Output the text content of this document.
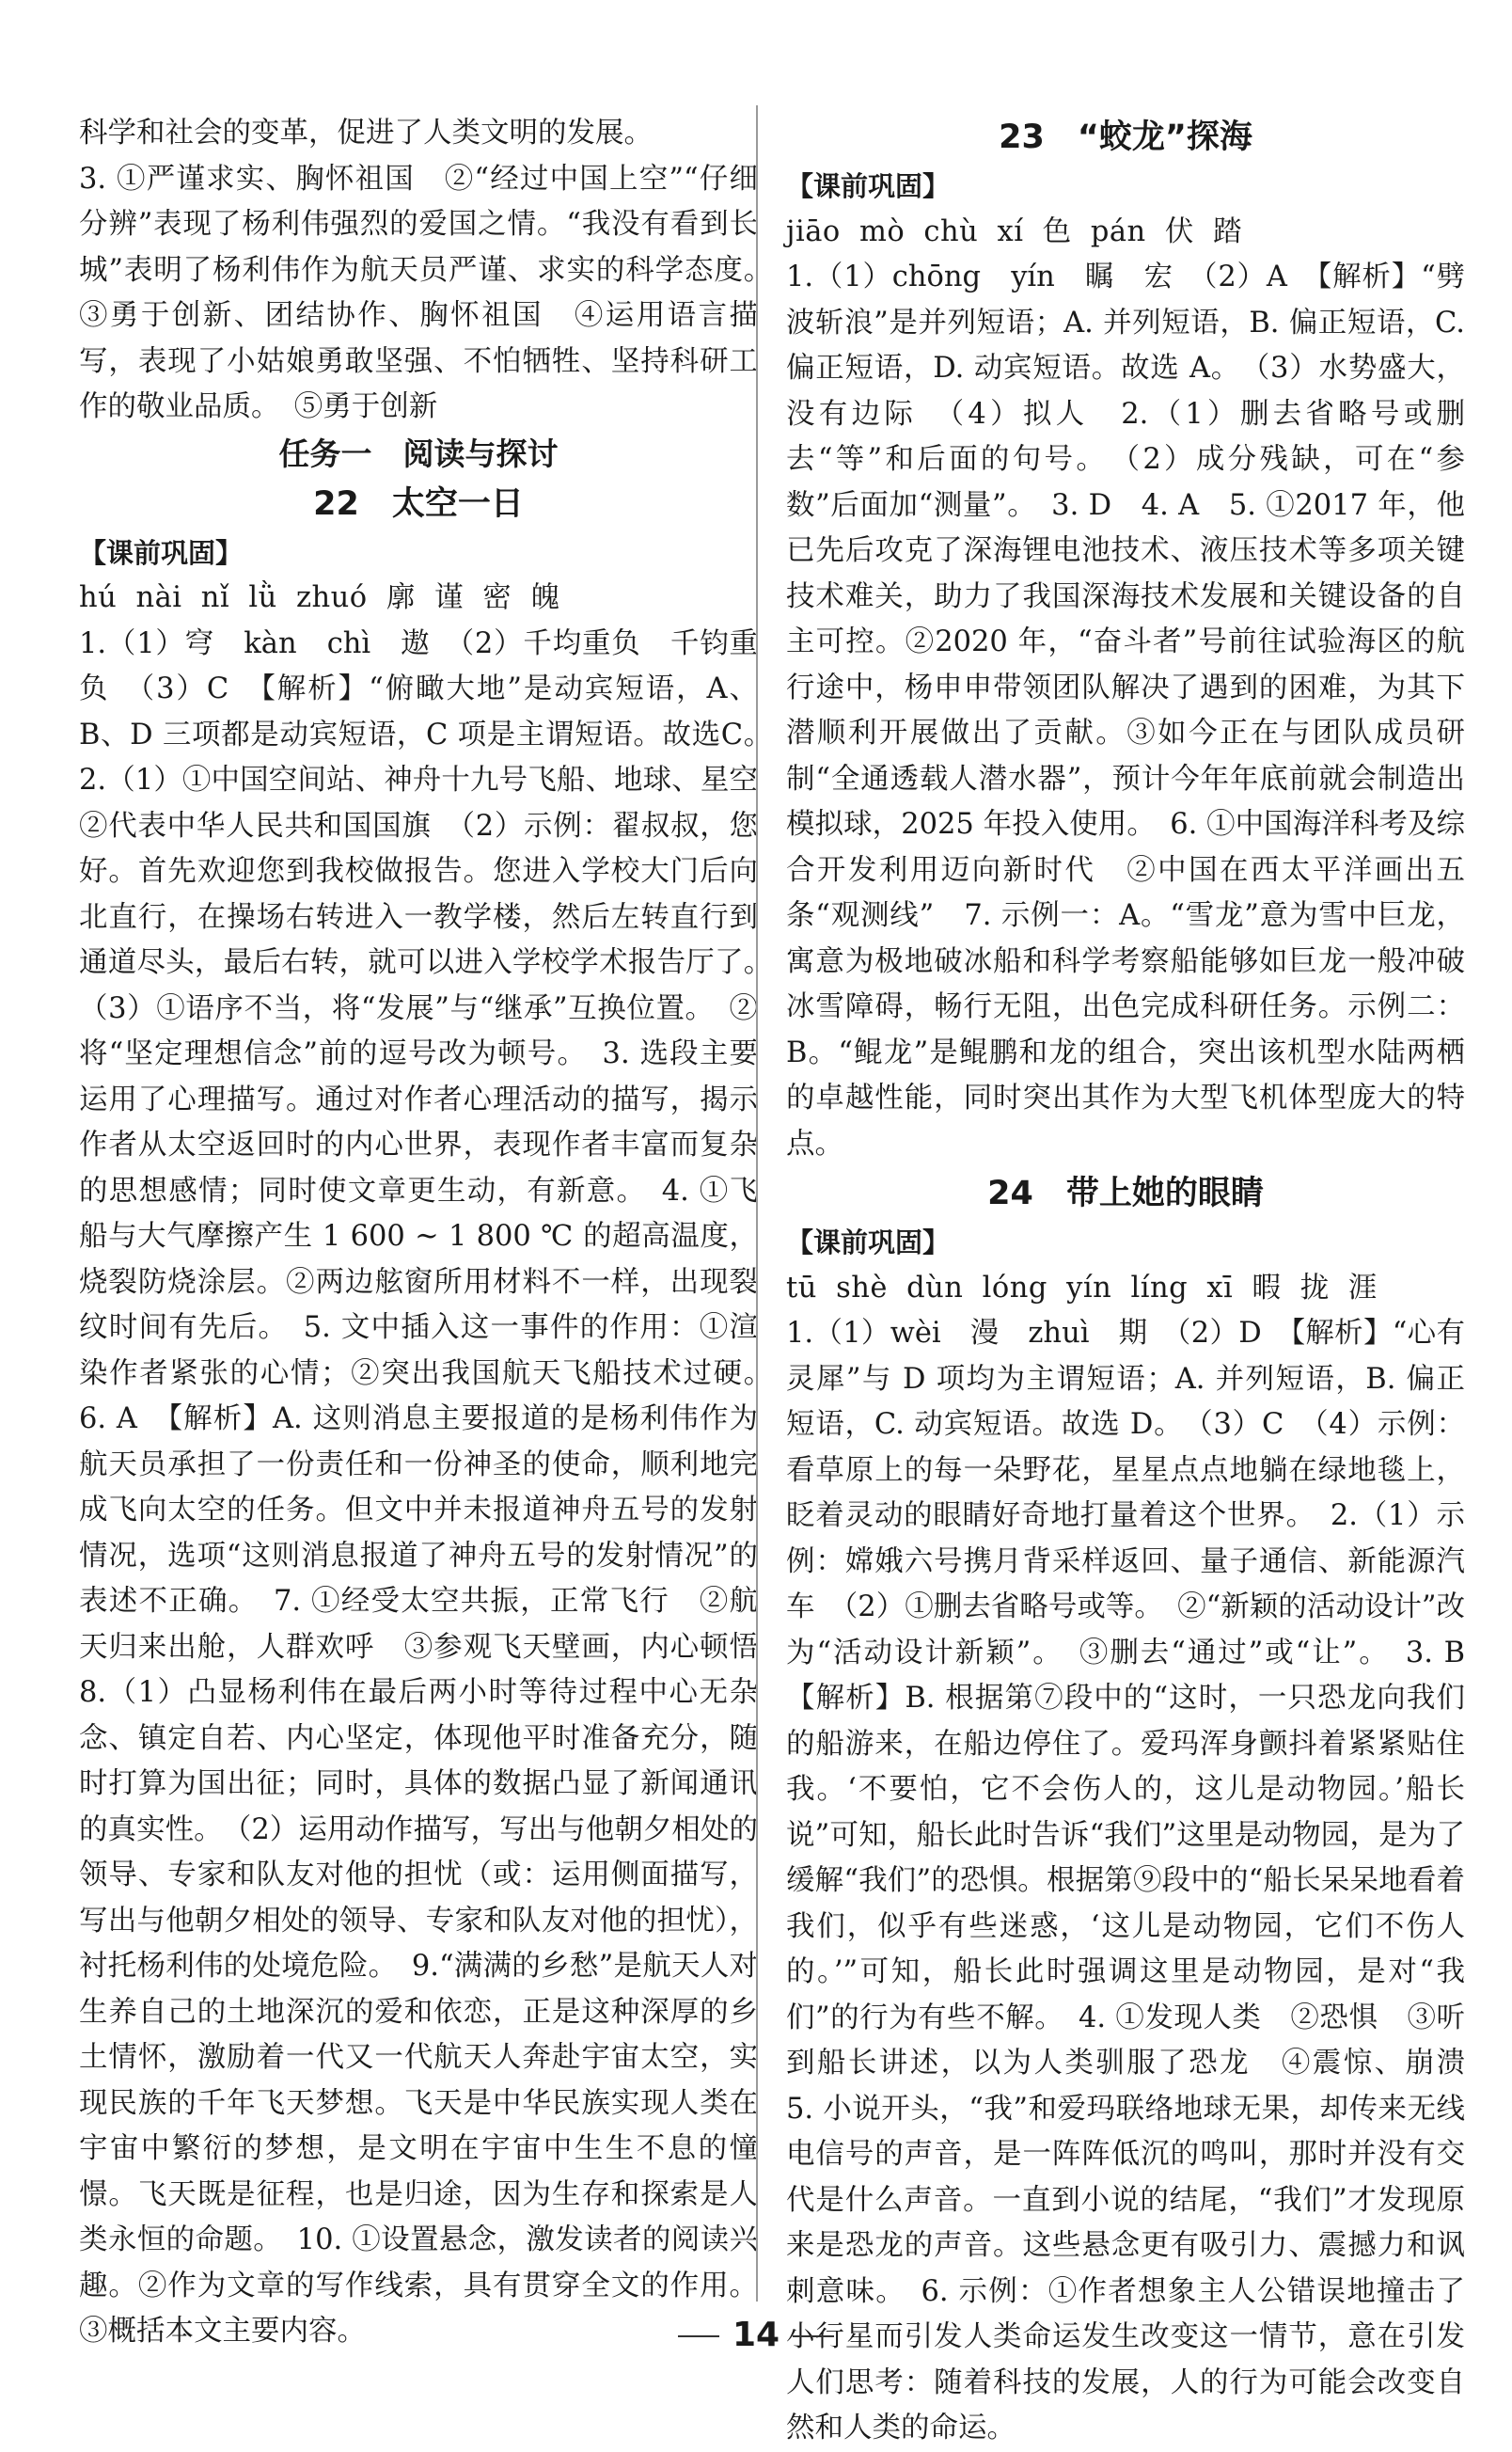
科学和社会的变革，促进了人类文明的发展。

3. ①严谨求实、胸怀祖国　②“经过中国上空”“仔细分辨”表现了杨利伟强烈的爱国之情。“我没有看到长城”表明了杨利伟作为航天员严谨、求实的科学态度。　③勇于创新、团结协作、胸怀祖国　④运用语言描写，表现了小姑娘勇敢坚强、不怕牺牲、坚持科研工作的敬业品质。　⑤勇于创新

任务一　阅读与探讨
22　太空一日
【课前巩固】
hú nài nǐ lǜ zhuó 廓 谨 密 魄

1.（1）穹　kàn　chì　遨　（2）千均重负　千钧重负　（3）C　【解析】“俯瞰大地”是动宾短语，A、B、D 三项都是动宾短语，C 项是主谓短语。故选C。　2.（1）①中国空间站、神舟十九号飞船、地球、星空　②代表中华人民共和国国旗　（2）示例：翟叔叔，您好。首先欢迎您到我校做报告。您进入学校大门后向北直行，在操场右转进入一教学楼，然后左转直行到通道尽头，最后右转，就可以进入学校学术报告厅了。　（3）①语序不当，将“发展”与“继承”互换位置。　②将“坚定理想信念”前的逗号改为顿号。　3. 选段主要运用了心理描写。通过对作者心理活动的描写，揭示作者从太空返回时的内心世界，表现作者丰富而复杂的思想感情；同时使文章更生动，有新意。　4. ①飞船与大气摩擦产生 1 600 ~ 1 800 ℃ 的超高温度，烧裂防烧涂层。②两边舷窗所用材料不一样，出现裂纹时间有先后。　5. 文中插入这一事件的作用：①渲染作者紧张的心情；②突出我国航天飞船技术过硬。　6. A　【解析】A. 这则消息主要报道的是杨利伟作为航天员承担了一份责任和一份神圣的使命，顺利地完成飞向太空的任务。但文中并未报道神舟五号的发射情况，选项“这则消息报道了神舟五号的发射情况”的表述不正确。　7. ①经受太空共振，正常飞行　②航天归来出舱，人群欢呼　③参观飞天壁画，内心顿悟　8.（1）凸显杨利伟在最后两小时等待过程中心无杂念、镇定自若、内心坚定，体现他平时准备充分，随时打算为国出征；同时，具体的数据凸显了新闻通讯的真实性。　（2）运用动作描写，写出与他朝夕相处的领导、专家和队友对他的担忧（或：运用侧面描写，写出与他朝夕相处的领导、专家和队友对他的担忧），衬托杨利伟的处境危险。　9.“满满的乡愁”是航天人对生养自己的土地深沉的爱和依恋，正是这种深厚的乡土情怀，激励着一代又一代航天人奔赴宇宙太空，实现民族的千年飞天梦想。飞天是中华民族实现人类在宇宙中繁衍的梦想，是文明在宇宙中生生不息的憧憬。飞天既是征程，也是归途，因为生存和探索是人类永恒的命题。　10. ①设置悬念，激发读者的阅读兴趣。②作为文章的写作线索，具有贯穿全文的作用。③概括本文主要内容。

23　“蛟龙”探海
【课前巩固】
jiāo mò chù xí 色 pán 伏 踏

1.（1）chōng　yín　瞩　宏　（2）A　【解析】“劈波斩浪”是并列短语；A. 并列短语，B. 偏正短语，C. 偏正短语，D. 动宾短语。故选 A。　（3）水势盛大，没有边际　（4）拟人　2.（1）删去省略号或删去“等”和后面的句号。　（2）成分残缺，可在“参数”后面加“测量”。　3. D　4. A　5. ①2017 年，他已先后攻克了深海锂电池技术、液压技术等多项关键技术难关，助力了我国深海技术发展和关键设备的自主可控。②2020 年，“奋斗者”号前往试验海区的航行途中，杨申申带领团队解决了遇到的困难，为其下潜顺利开展做出了贡献。③如今正在与团队成员研制“全通透载人潜水器”，预计今年年底前就会制造出模拟球，2025 年投入使用。　6. ①中国海洋科考及综合开发利用迈向新时代　②中国在西太平洋画出五条“观测线”　7. 示例一：A。“雪龙”意为雪中巨龙，寓意为极地破冰船和科学考察船能够如巨龙一般冲破冰雪障碍，畅行无阻，出色完成科研任务。示例二：B。“鲲龙”是鲲鹏和龙的组合，突出该机型水陆两栖的卓越性能，同时突出其作为大型飞机体型庞大的特点。

24　带上她的眼睛
【课前巩固】
tū shè dùn lóng yín líng xī 暇 拢 涯

1.（1）wèi　漫　zhuì　期　（2）D　【解析】“心有灵犀”与 D 项均为主谓短语；A. 并列短语，B. 偏正短语，C. 动宾短语。故选 D。　（3）C　（4）示例：看草原上的每一朵野花，星星点点地躺在绿地毯上，眨着灵动的眼睛好奇地打量着这个世界。　2.（1）示例：嫦娥六号携月背采样返回、量子通信、新能源汽车　（2）①删去省略号或等。　②“新颖的活动设计”改为“活动设计新颖”。　③删去“通过”或“让”。　3. B　【解析】B. 根据第⑦段中的“这时，一只恐龙向我们的船游来，在船边停住了。爱玛浑身颤抖着紧紧贴住我。‘不要怕，它不会伤人的，这儿是动物园。’船长说”可知，船长此时告诉“我们”这里是动物园，是为了缓解“我们”的恐惧。根据第⑨段中的“船长呆呆地看着我们，似乎有些迷惑，‘这儿是动物园，它们不伤人的。’”可知，船长此时强调这里是动物园，是对“我们”的行为有些不解。　4. ①发现人类　②恐惧　③听到船长讲述，以为人类驯服了恐龙　④震惊、崩溃　5. 小说开头，“我”和爱玛联络地球无果，却传来无线电信号的声音，是一阵阵低沉的鸣叫，那时并没有交代是什么声音。一直到小说的结尾，“我们”才发现原来是恐龙的声音。这些悬念更有吸引力、震撼力和讽刺意味。　6. 示例：①作者想象主人公错误地撞击了小行星而引发人类命运发生改变这一情节，意在引发人们思考：随着科技的发展，人的行为可能会改变自然和人类的命运。

14
